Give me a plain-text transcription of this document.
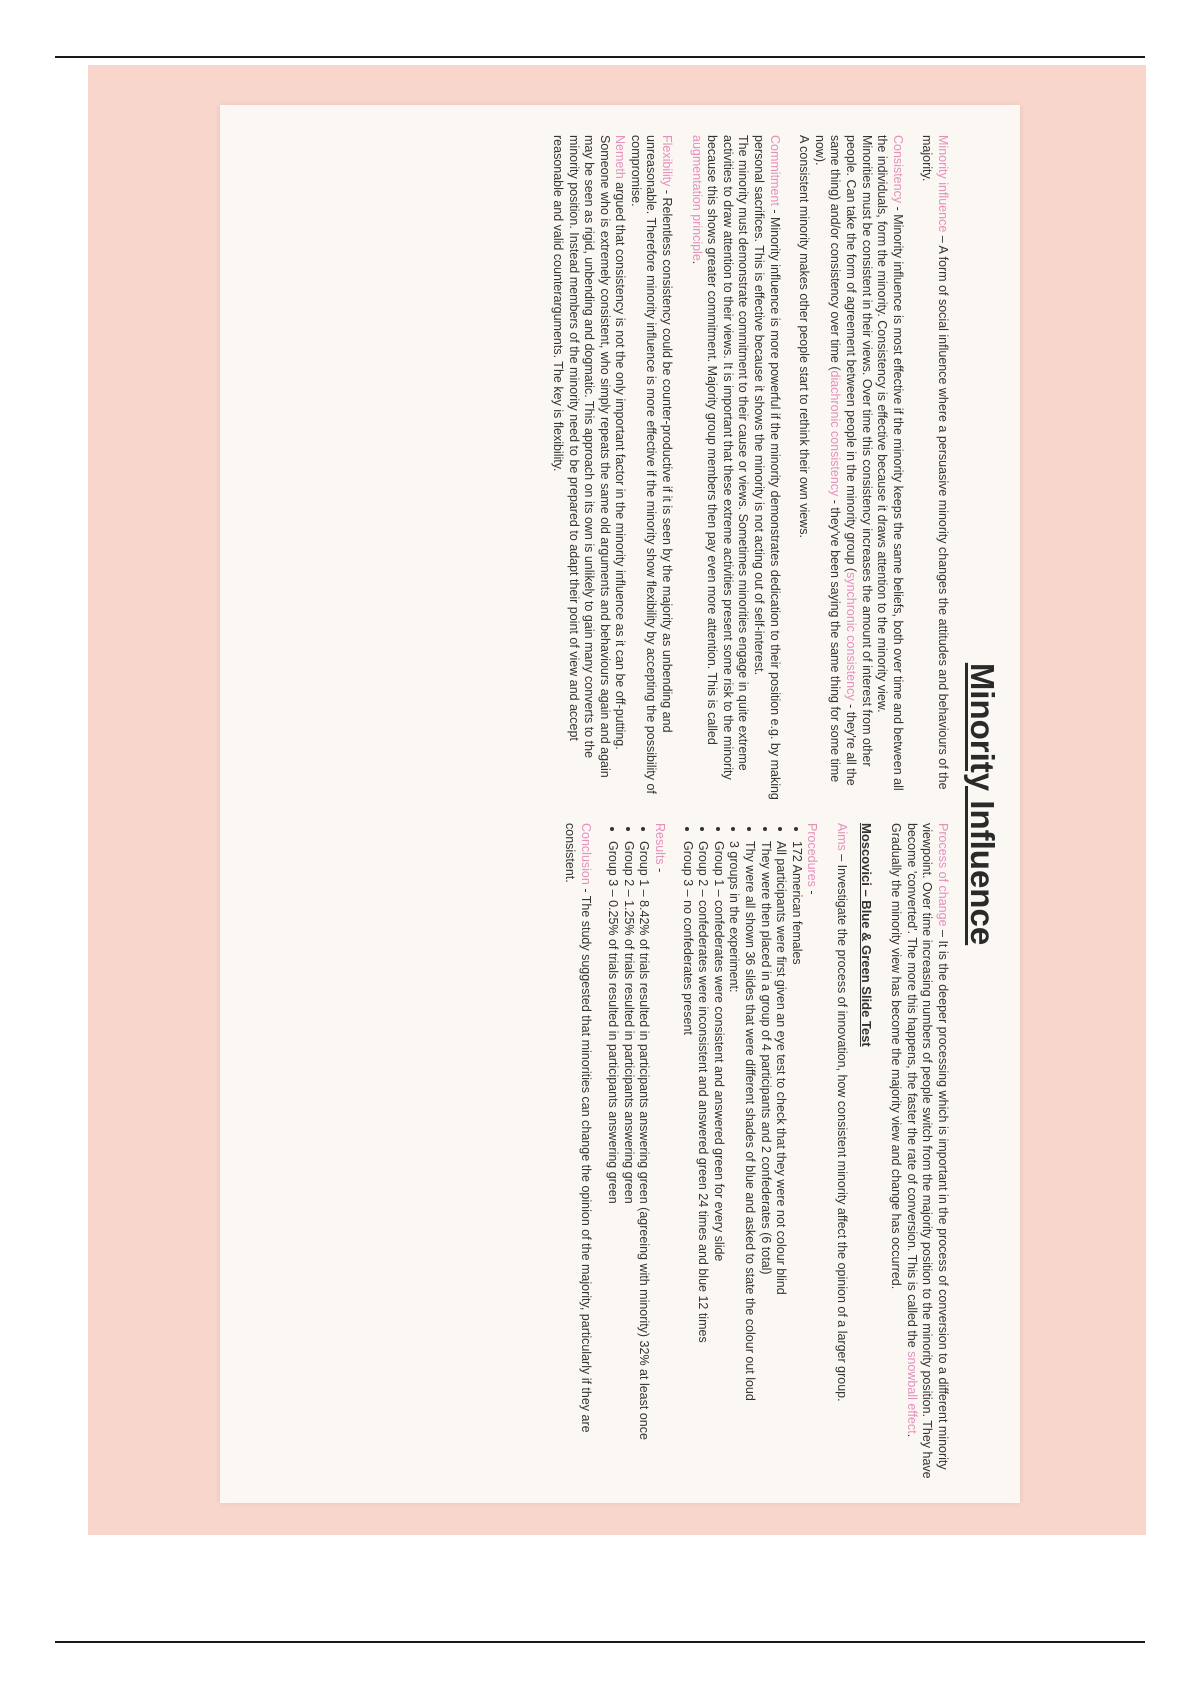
Minority Influence

Minority influence – A form of social influence where a persuasive minority changes the attitudes and behaviours of the majority.

Consistency - Minority influence is most effective if the minority keeps the same beliefs, both over time and between all the individuals, form the minority. Consistency is effective because it draws attention to the minority view.
Minorities must be consistent in their views. Over time this consistency increases the amount of interest from other people. Can take the form of agreement between people in the minority group (synchronic consistency - they're all the same thing) and/or consistency over time (diachronic consistency - they've been saying the same thing for some time now).
A consistent minority makes other people start to rethink their own views.

Commitment - Minority influence is more powerful if the minority demonstrates dedication to their position e.g. by making personal sacrifices. This is effective because it shows the minority is not acting out of self-interest.
The minority must demonstrate commitment to their cause or views. Sometimes minorities engage in quite extreme activities to draw attention to their views. It is important that these extreme activities present some risk to the minority because this shows greater commitment. Majority group members then pay even more attention. This is called augmentation principle.

Flexibility - Relentless consistency could be counter-productive if it is seen by the majority as unbending and unreasonable. Therefore minority influence is more effective if the minority show flexibility by accepting the possibility of compromise.
Nemeth argued that consistency is not the only important factor in the minority influence as it can be off-putting. Someone who is extremely consistent, who simply repeats the same old arguments and behaviours again and again may be seen as rigid, unbending and dogmatic. This approach on its own is unlikely to gain many converts to the minority position. Instead members of the minority need to be prepared to adapt their point of view and accept reasonable and valid counterarguments. The key is flexibility.

Process of change – It is the deeper processing which is important in the process of conversion to a different minority viewpoint. Over time increasing numbers of people switch from the majority position to the minority position. They have become 'converted'. The more this happens, the faster the rate of conversion. This is called the snowball effect. Gradually the minority view has become the majority view and change has occurred.

Moscovici – Blue & Green Slide Test

Aims – Investigate the process of innovation, how consistent minority affect the opinion of a larger group.

Procedures -
• 172 American females
• All participants were first given an eye test to check that they were not colour blind
• They were then placed in a group of 4 participants and 2 confederates (6 total)
• Thy were all shown 36 slides that were different shades of blue and asked to state the colour out loud
• 3 groups in the experiment:
• Group 1 – confederates were consistent and answered green for every slide
• Group 2 – confederates were inconsistent and answered green 24 times and blue 12 times
• Group 3 – no confederates present
Results -
• Group 1 – 8.42% of trials resulted in participants answering green (agreeing with minority) 32% at least once
• Group 2 – 1.25% of trials resulted in participants answering green
• Group 3 – 0.25% of trials resulted in participants answering green

Conclusion - The study suggested that minorities can change the opinion of the majority, particularly if they are consistent.
